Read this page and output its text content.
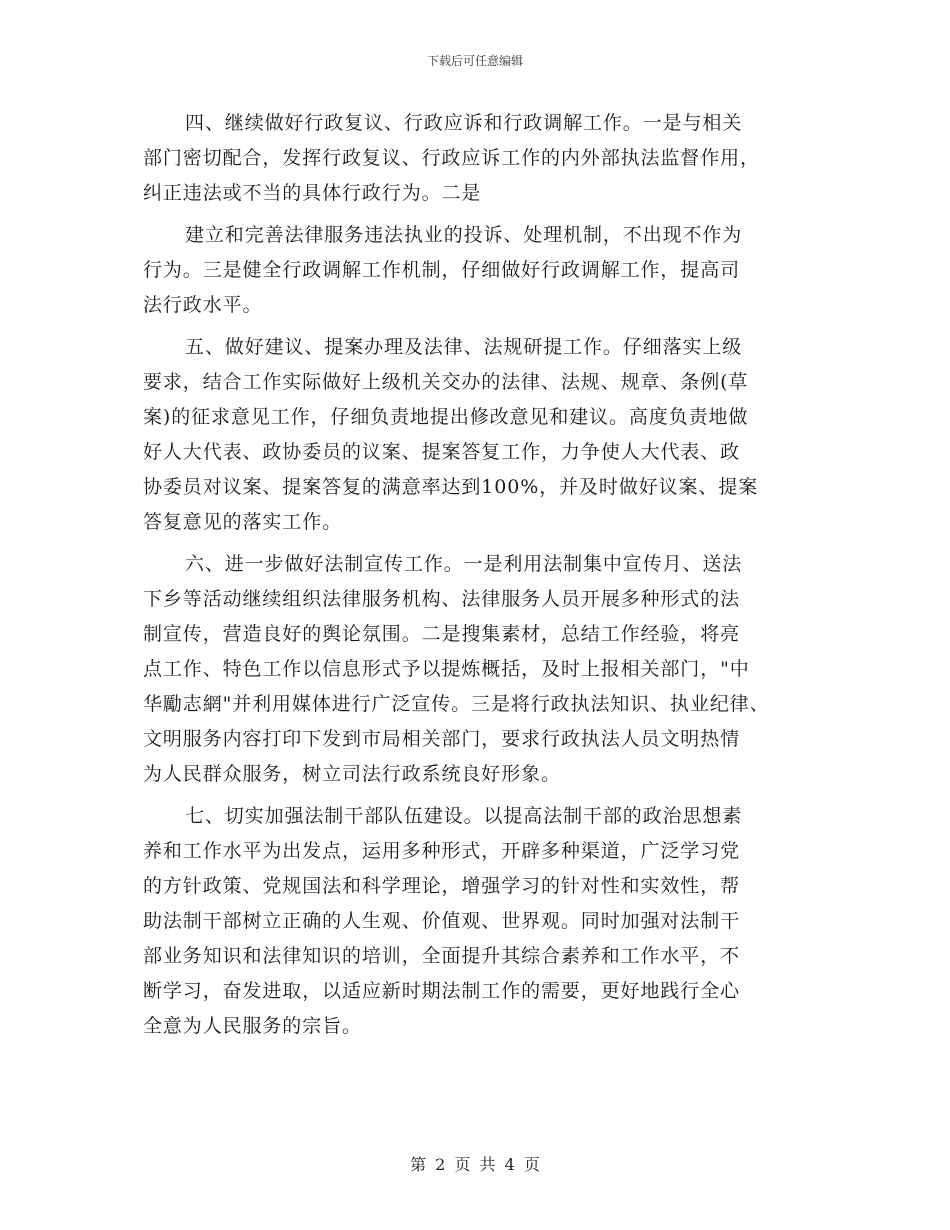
下载后可任意编辑
四、继续做好行政复议、行政应诉和行政调解工作。一是与相关
部门密切配合，发挥行政复议、行政应诉工作的内外部执法监督作用，
纠正违法或不当的具体行政行为。二是
建立和完善法律服务违法执业的投诉、处理机制，不出现不作为
行为。三是健全行政调解工作机制，仔细做好行政调解工作，提高司
法行政水平。
五、做好建议、提案办理及法律、法规研提工作。仔细落实上级
要求，结合工作实际做好上级机关交办的法律、法规、规章、条例(草
案)的征求意见工作，仔细负责地提出修改意见和建议。高度负责地做
好人大代表、政协委员的议案、提案答复工作，力争使人大代表、政
协委员对议案、提案答复的满意率达到100%，并及时做好议案、提案
答复意见的落实工作。
六、进一步做好法制宣传工作。一是利用法制集中宣传月、送法
下乡等活动继续组织法律服务机构、法律服务人员开展多种形式的法
制宣传，营造良好的舆论氛围。二是搜集素材，总结工作经验，将亮
点工作、特色工作以信息形式予以提炼概括，及时上报相关部门，"中
华勵志網"并利用媒体进行广泛宣传。三是将行政执法知识、执业纪律、
文明服务内容打印下发到市局相关部门，要求行政执法人员文明热情
为人民群众服务，树立司法行政系统良好形象。
七、切实加强法制干部队伍建设。以提高法制干部的政治思想素
养和工作水平为出发点，运用多种形式，开辟多种渠道，广泛学习党
的方针政策、党规国法和科学理论，增强学习的针对性和实效性，帮
助法制干部树立正确的人生观、价值观、世界观。同时加强对法制干
部业务知识和法律知识的培训，全面提升其综合素养和工作水平，不
断学习，奋发进取，以适应新时期法制工作的需要，更好地践行全心
全意为人民服务的宗旨。
第 2 页 共 4 页
